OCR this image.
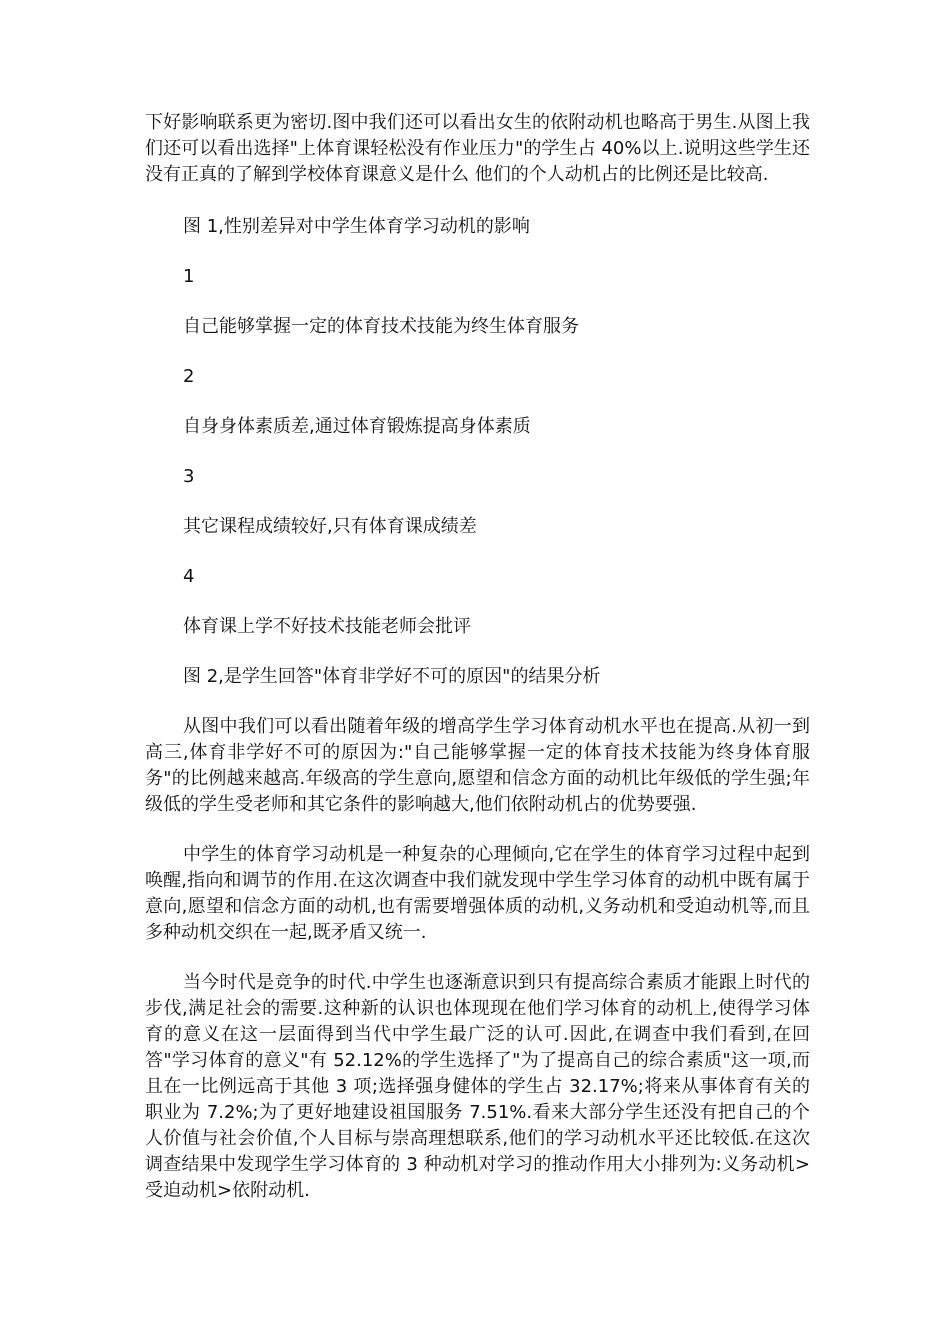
下好影响联系更为密切.图中我们还可以看出女生的依附动机也略高于男生.从图上我们还可以看出选择"上体育课轻松没有作业压力"的学生占 40%以上.说明这些学生还没有正真的了解到学校体育课意义是什么 他们的个人动机占的比例还是比较高.

图 1,性别差异对中学生体育学习动机的影响

1

自己能够掌握一定的体育技术技能为终生体育服务

2

自身身体素质差,通过体育锻炼提高身体素质

3

其它课程成绩较好,只有体育课成绩差

4

体育课上学不好技术技能老师会批评

图 2,是学生回答"体育非学好不可的原因"的结果分析

从图中我们可以看出随着年级的增高学生学习体育动机水平也在提高.从初一到高三,体育非学好不可的原因为:"自己能够掌握一定的体育技术技能为终身体育服务"的比例越来越高.年级高的学生意向,愿望和信念方面的动机比年级低的学生强;年级低的学生受老师和其它条件的影响越大,他们依附动机占的优势要强.

中学生的体育学习动机是一种复杂的心理倾向,它在学生的体育学习过程中起到唤醒,指向和调节的作用.在这次调查中我们就发现中学生学习体育的动机中既有属于意向,愿望和信念方面的动机,也有需要增强体质的动机,义务动机和受迫动机等,而且多种动机交织在一起,既矛盾又统一.

当今时代是竞争的时代.中学生也逐渐意识到只有提高综合素质才能跟上时代的步伐,满足社会的需要.这种新的认识也体现现在他们学习体育的动机上,使得学习体育的意义在这一层面得到当代中学生最广泛的认可.因此,在调查中我们看到,在回答"学习体育的意义"有 52.12%的学生选择了"为了提高自己的综合素质"这一项,而且在一比例远高于其他 3 项;选择强身健体的学生占 32.17%;将来从事体育有关的职业为 7.2%;为了更好地建设祖国服务 7.51%.看来大部分学生还没有把自己的个人价值与社会价值,个人目标与崇高理想联系,他们的学习动机水平还比较低.在这次调查结果中发现学生学习体育的 3 种动机对学习的推动作用大小排列为:义务动机>受迫动机>依附动机.
